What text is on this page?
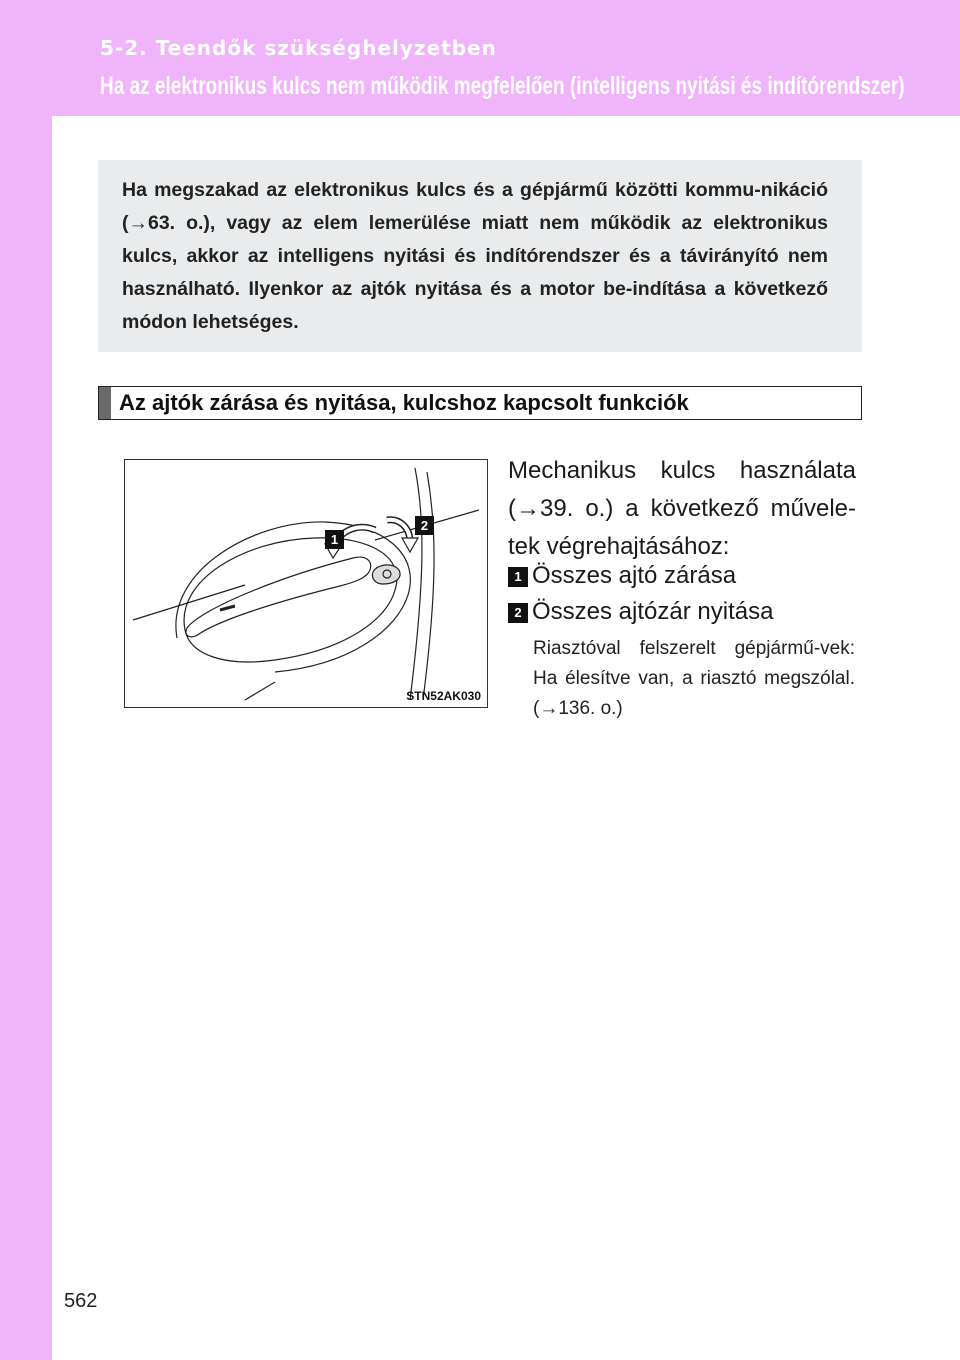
5-2. Teendők szükséghelyzetben
Ha az elektronikus kulcs nem működik megfelelően (intelligens nyitási és indítórendszer)
Ha megszakad az elektronikus kulcs és a gépjármű közötti kommu-nikáció (→63. o.), vagy az elem lemerülése miatt nem működik az elektronikus kulcs, akkor az intelligens nyitási és indítórendszer és a távirányító nem használható. Ilyenkor az ajtók nyitása és a motor be-indítása a következő módon lehetséges.
Az ajtók zárása és nyitása, kulcshoz kapcsolt funkciók
1
2
STN52AK030
Mechanikus kulcs használata (→39. o.) a következő művele-tek végrehajtásához:
1 Összes ajtó zárása
2 Összes ajtózár nyitása
Riasztóval felszerelt gépjármű-vek: Ha élesítve van, a riasztó megszólal. (→136. o.)
562
